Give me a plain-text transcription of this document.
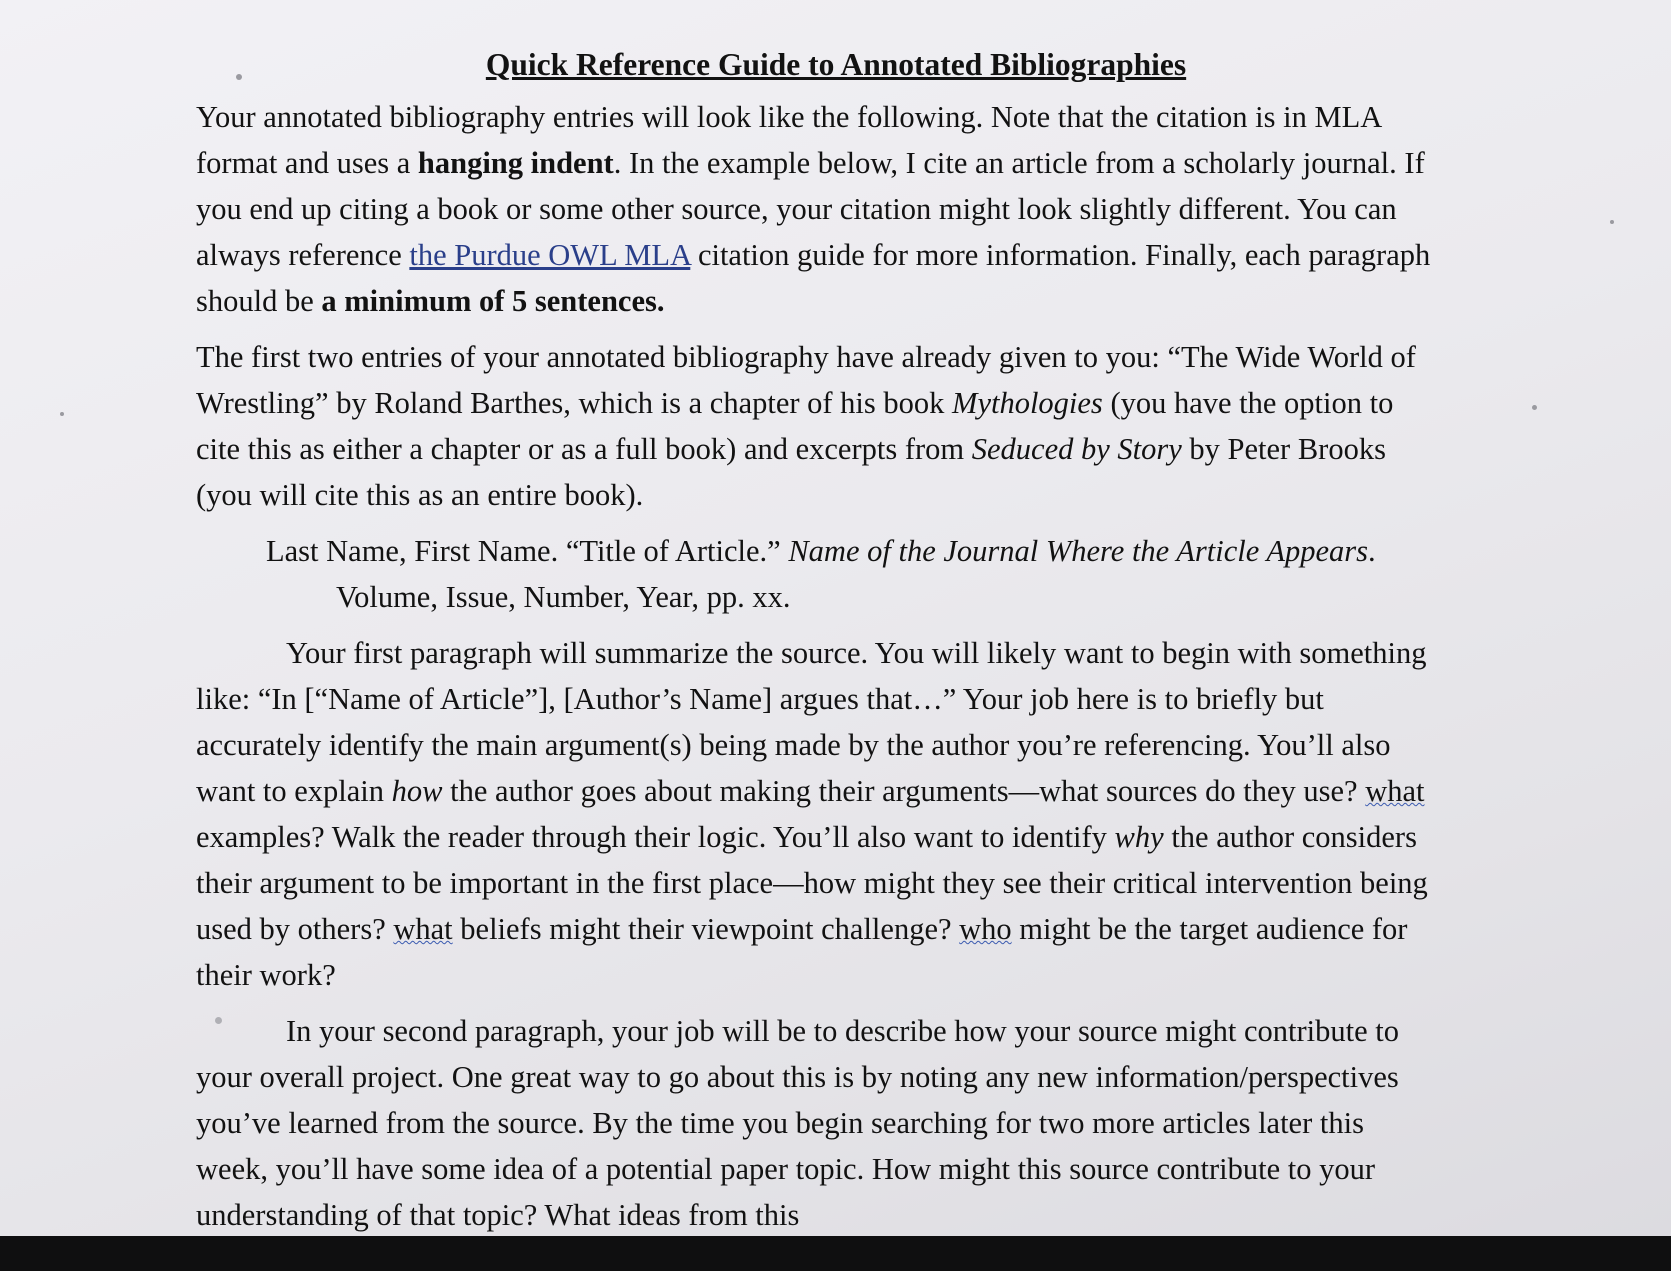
Quick Reference Guide to Annotated Bibliographies

Your annotated bibliography entries will look like the following. Note that the citation is in MLA format and uses a hanging indent. In the example below, I cite an article from a scholarly journal. If you end up citing a book or some other source, your citation might look slightly different. You can always reference the Purdue OWL MLA citation guide for more information. Finally, each paragraph should be a minimum of 5 sentences.

The first two entries of your annotated bibliography have already given to you: “The Wide World of Wrestling” by Roland Barthes, which is a chapter of his book Mythologies (you have the option to cite this as either a chapter or as a full book) and excerpts from Seduced by Story by Peter Brooks (you will cite this as an entire book).

Last Name, First Name. “Title of Article.” Name of the Journal Where the Article Appears. Volume, Issue, Number, Year, pp. xx.

Your first paragraph will summarize the source. You will likely want to begin with something like: “In [“Name of Article”], [Author’s Name] argues that…” Your job here is to briefly but accurately identify the main argument(s) being made by the author you’re referencing. You’ll also want to explain how the author goes about making their arguments—what sources do they use? what examples? Walk the reader through their logic. You’ll also want to identify why the author considers their argument to be important in the first place—how might they see their critical intervention being used by others? what beliefs might their viewpoint challenge? who might be the target audience for their work?

In your second paragraph, your job will be to describe how your source might contribute to your overall project. One great way to go about this is by noting any new information/perspectives you’ve learned from the source. By the time you begin searching for two more articles later this week, you’ll have some idea of a potential paper topic. How might this source contribute to your understanding of that topic? What ideas from this
